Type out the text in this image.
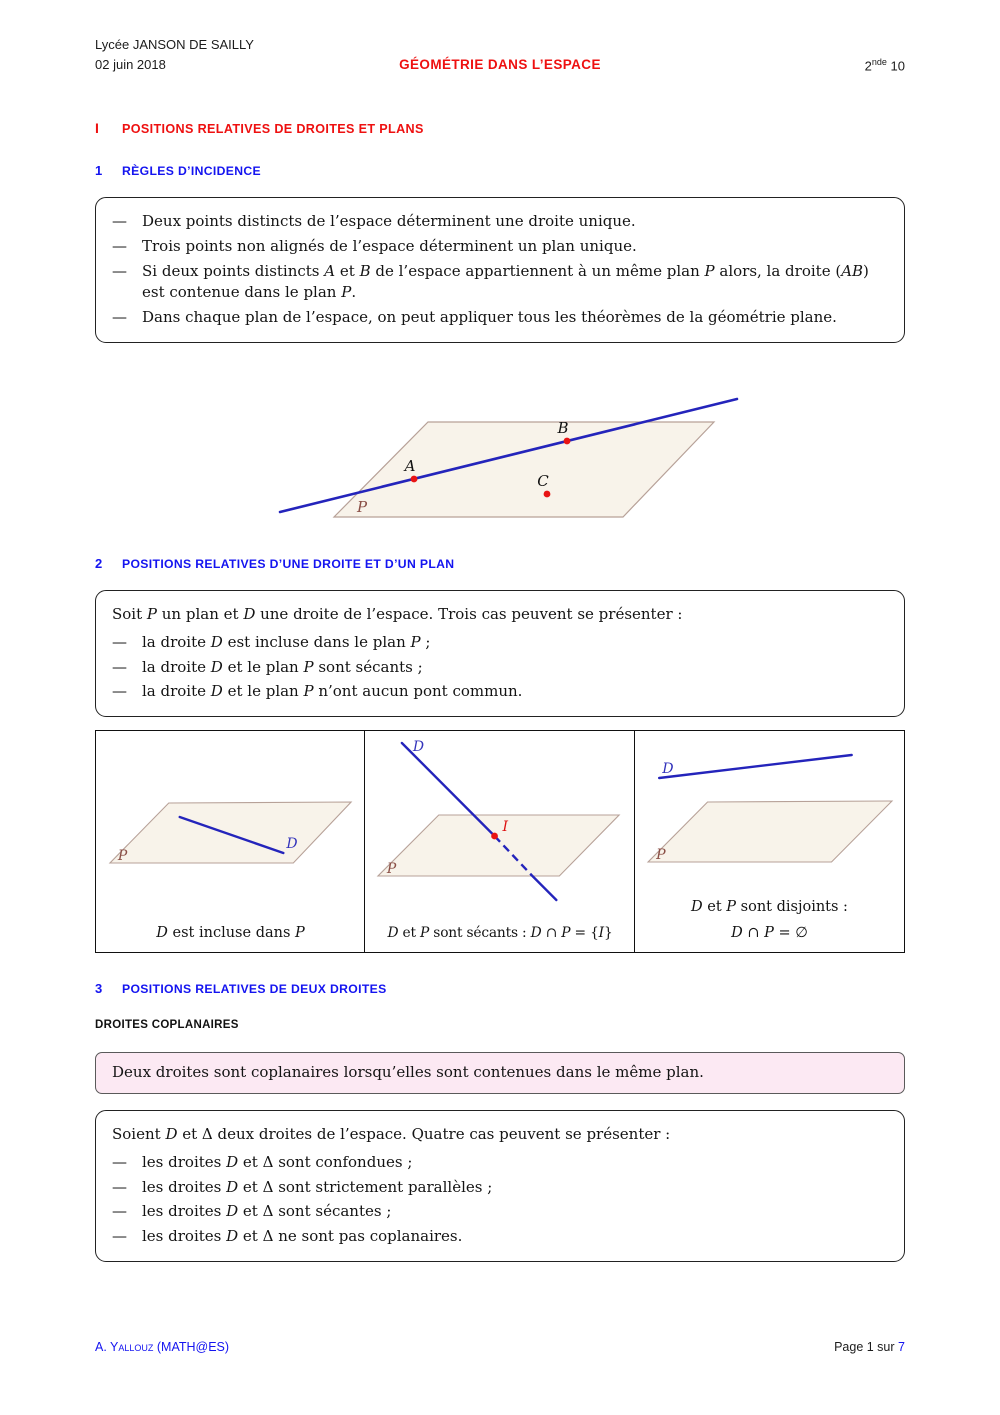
Lycée JANSON DE SAILLY
02 juin 2018	GÉOMÉTRIE DANS L’ESPACE	2nde 10
I	POSITIONS RELATIVES DE DROITES ET PLANS
1	RÈGLES D’INCIDENCE
—	Deux points distincts de l’espace déterminent une droite unique.
—	Trois points non alignés de l’espace déterminent un plan unique.
—	Si deux points distincts A et B de l’espace appartiennent à un même plan P alors, la droite (AB) est contenue dans le plan P.
—	Dans chaque plan de l’espace, on peut appliquer tous les théorèmes de la géométrie plane.
A
B
C
P
2	POSITIONS RELATIVES D’UNE DROITE ET D’UN PLAN
Soit P un plan et D une droite de l’espace. Trois cas peuvent se présenter :
—	la droite D est incluse dans le plan P ;
—	la droite D et le plan P sont sécants ;
—	la droite D et le plan P n’ont aucun pont commun.
D
P
D est incluse dans P
I
D
P
D et P sont sécants : D ∩ P = {I}
D
P
D et P sont disjoints :
D ∩ P = ∅
3	POSITIONS RELATIVES DE DEUX DROITES
DROITES COPLANAIRES
Deux droites sont coplanaires lorsqu’elles sont contenues dans le même plan.
Soient D et Δ deux droites de l’espace. Quatre cas peuvent se présenter :
—	les droites D et Δ sont confondues ;
—	les droites D et Δ sont strictement parallèles ;
—	les droites D et Δ sont sécantes ;
—	les droites D et Δ ne sont pas coplanaires.
A. Yallouz (MATH@ES)	Page 1 sur 7
